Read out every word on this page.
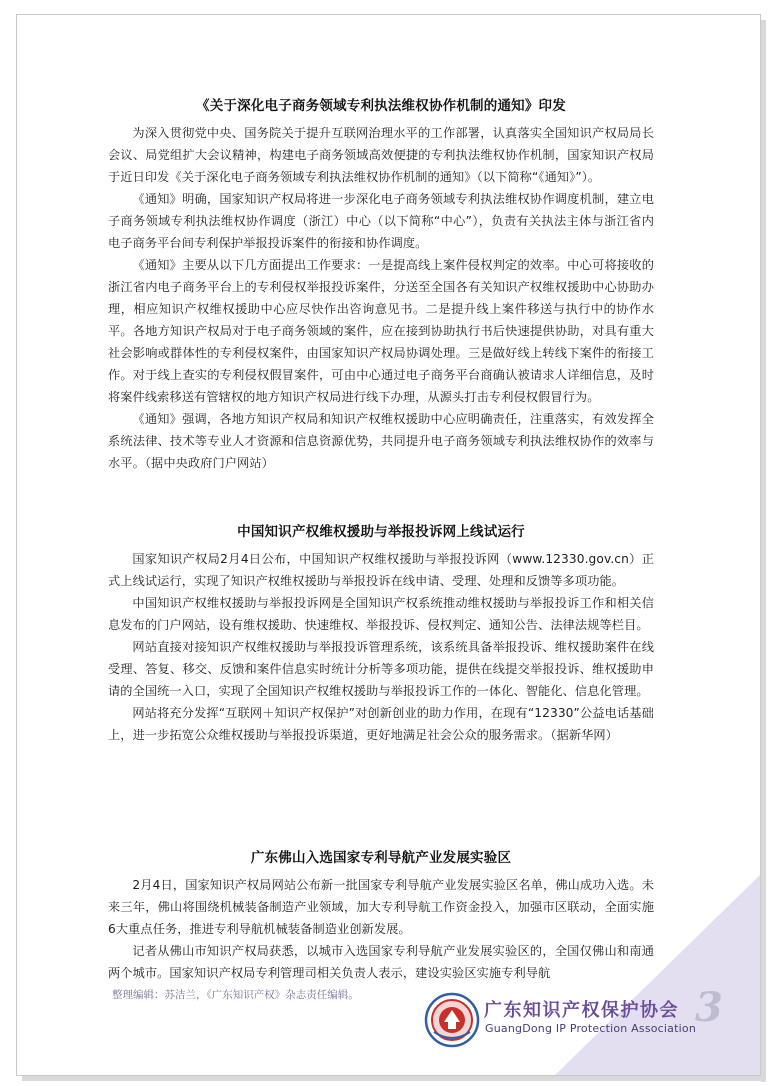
《关于深化电子商务领域专利执法维权协作机制的通知》印发

为深入贯彻党中央、国务院关于提升互联网治理水平的工作部署，认真落实全国知识产权局局长会议、局党组扩大会议精神，构建电子商务领域高效便捷的专利执法维权协作机制，国家知识产权局于近日印发《关于深化电子商务领域专利执法维权协作机制的通知》（以下简称“《通知》”）。

《通知》明确，国家知识产权局将进一步深化电子商务领域专利执法维权协作调度机制，建立电子商务领域专利执法维权协作调度（浙江）中心（以下简称“中心”），负责有关执法主体与浙江省内电子商务平台间专利保护举报投诉案件的衔接和协作调度。

《通知》主要从以下几方面提出工作要求：一是提高线上案件侵权判定的效率。中心可将接收的浙江省内电子商务平台上的专利侵权举报投诉案件，分送至全国各有关知识产权维权援助中心协助办理，相应知识产权维权援助中心应尽快作出咨询意见书。二是提升线上案件移送与执行中的协作水平。各地方知识产权局对于电子商务领域的案件，应在接到协助执行书后快速提供协助，对具有重大社会影响或群体性的专利侵权案件，由国家知识产权局协调处理。三是做好线上转线下案件的衔接工作。对于线上查实的专利侵权假冒案件，可由中心通过电子商务平台商确认被请求人详细信息，及时将案件线索移送有管辖权的地方知识产权局进行线下办理，从源头打击专利侵权假冒行为。

《通知》强调，各地方知识产权局和知识产权维权援助中心应明确责任，注重落实，有效发挥全系统法律、技术等专业人才资源和信息资源优势，共同提升电子商务领域专利执法维权协作的效率与水平。（据中央政府门户网站）

中国知识产权维权援助与举报投诉网上线试运行

国家知识产权局2月4日公布，中国知识产权维权援助与举报投诉网（www.12330.gov.cn）正式上线试运行，实现了知识产权维权援助与举报投诉在线申请、受理、处理和反馈等多项功能。

中国知识产权维权援助与举报投诉网是全国知识产权系统推动维权援助与举报投诉工作和相关信息发布的门户网站，设有维权援助、快速维权、举报投诉、侵权判定、通知公告、法律法规等栏目。

网站直接对接知识产权维权援助与举报投诉管理系统，该系统具备举报投诉、维权援助案件在线受理、答复、移交、反馈和案件信息实时统计分析等多项功能，提供在线提交举报投诉、维权援助申请的全国统一入口，实现了全国知识产权维权援助与举报投诉工作的一体化、智能化、信息化管理。

网站将充分发挥“互联网＋知识产权保护”对创新创业的助力作用，在现有“12330”公益电话基础上，进一步拓宽公众维权援助与举报投诉渠道，更好地满足社会公众的服务需求。（据新华网）

广东佛山入选国家专利导航产业发展实验区

2月4日，国家知识产权局网站公布新一批国家专利导航产业发展实验区名单，佛山成功入选。未来三年，佛山将围绕机械装备制造产业领域，加大专利导航工作资金投入，加强市区联动，全面实施6大重点任务，推进专利导航机械装备制造业创新发展。

记者从佛山市知识产权局获悉，以城市入选国家专利导航产业发展实验区的，全国仅佛山和南通两个城市。国家知识产权局专利管理司相关负责人表示，建设实验区实施专利导航

整理编辑：苏洁兰，《广东知识产权》杂志责任编辑。
广东知识产权保护协会
GuangDong IP Protection Association 3
